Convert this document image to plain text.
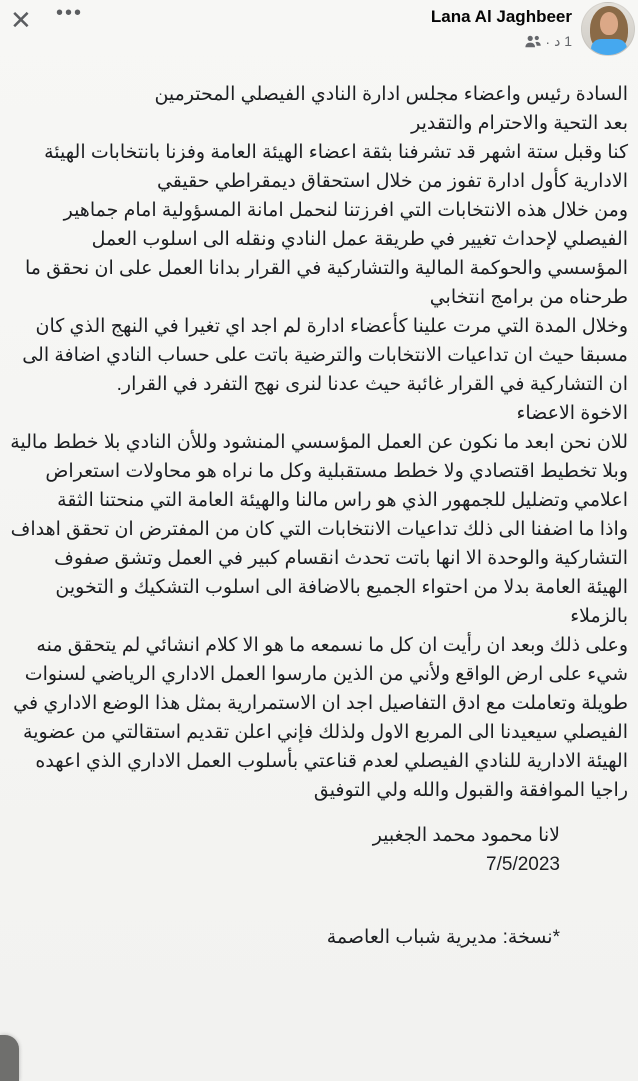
✕ •••	Lana Al Jaghbeer
· 1 د

السادة رئيس واعضاء مجلس ادارة النادي الفيصلي المحترمين

بعد التحية والاحترام والتقدير

كنا وقبل ستة اشهر قد تشرفنا بثقة اعضاء الهيئة العامة وفزنا بانتخابات الهيئة الادارية كأول ادارة تفوز من خلال استحقاق ديمقراطي حقيقي

ومن خلال هذه الانتخابات التي افرزتنا لنحمل امانة المسؤولية امام جماهير الفيصلي لإحداث تغيير في طريقة عمل النادي ونقله الى اسلوب العمل المؤسسي والحوكمة المالية والتشاركية في القرار بدانا العمل على ان نحقق ما طرحناه من برامج انتخابي

وخلال المدة التي مرت علينا كأعضاء ادارة لم اجد اي تغيرا في النهج الذي كان مسبقا حيث ان تداعيات الانتخابات والترضية باتت على حساب النادي اضافة الى ان التشاركية في القرار غائبة حيث عدنا لنرى نهج التفرد في القرار.

الاخوة الاعضاء

للان نحن ابعد ما نكون عن العمل المؤسسي المنشود وللأن النادي بلا خطط مالية وبلا تخطيط اقتصادي ولا خطط مستقبلية وكل ما نراه هو محاولات استعراض اعلامي وتضليل للجمهور الذي هو راس مالنا والهيئة العامة التي منحتنا الثقة

واذا ما اضفنا الى ذلك تداعيات الانتخابات التي كان من المفترض ان تحقق اهداف التشاركية والوحدة الا انها باتت تحدث انقسام كبير في العمل وتشق صفوف الهيئة العامة بدلا من احتواء الجميع بالاضافة الى اسلوب التشكيك و التخوين بالزملاء

وعلى ذلك وبعد ان رأيت ان كل ما نسمعه ما هو الا كلام انشائي لم يتحقق منه شيء على ارض الواقع ولأني من الذين مارسوا العمل الاداري الرياضي لسنوات طويلة وتعاملت مع ادق التفاصيل اجد ان الاستمرارية بمثل هذا الوضع الاداري في الفيصلي سيعيدنا الى المربع الاول ولذلك فإني اعلن تقديم استقالتي من عضوية الهيئة الادارية للنادي الفيصلي لعدم قناعتي بأسلوب العمل الاداري الذي اعهده

راجيا الموافقة والقبول والله ولي التوفيق

لانا محمود محمد الجغبير
7/5/2023
*نسخة: مديرية شباب العاصمة
